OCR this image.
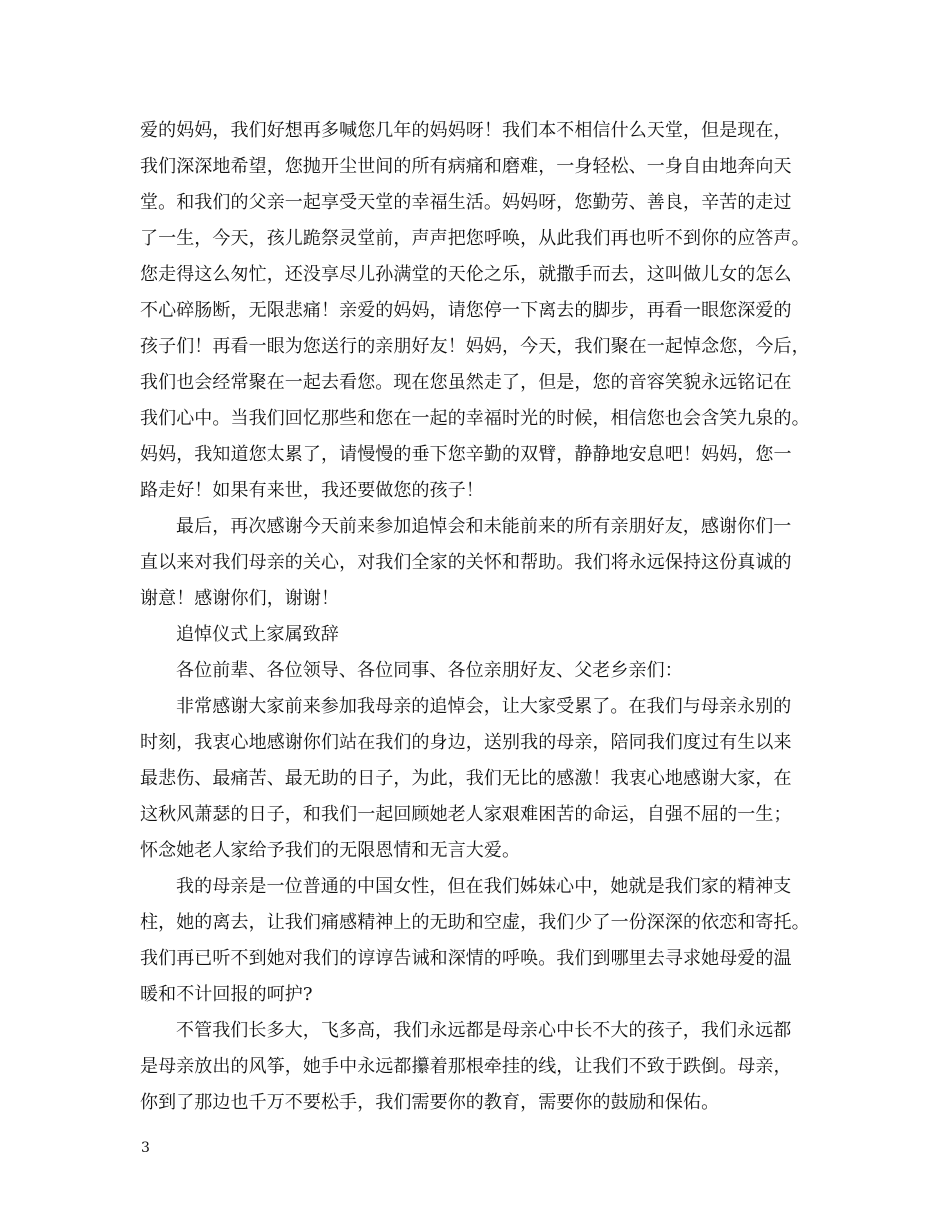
爱的妈妈，我们好想再多喊您几年的妈妈呀！我们本不相信什么天堂，但是现在，
我们深深地希望，您抛开尘世间的所有病痛和磨难，一身轻松、一身自由地奔向天
堂。和我们的父亲一起享受天堂的幸福生活。妈妈呀，您勤劳、善良，辛苦的走过
了一生，今天，孩儿跪祭灵堂前，声声把您呼唤，从此我们再也听不到你的应答声。
您走得这么匆忙，还没享尽儿孙满堂的天伦之乐，就撒手而去，这叫做儿女的怎么
不心碎肠断，无限悲痛！亲爱的妈妈，请您停一下离去的脚步，再看一眼您深爱的
孩子们！再看一眼为您送行的亲朋好友！妈妈，今天，我们聚在一起悼念您，今后，
我们也会经常聚在一起去看您。现在您虽然走了，但是，您的音容笑貌永远铭记在
我们心中。当我们回忆那些和您在一起的幸福时光的时候，相信您也会含笑九泉的。
妈妈，我知道您太累了，请慢慢的垂下您辛勤的双臂，静静地安息吧！妈妈，您一
路走好！如果有来世，我还要做您的孩子！
最后，再次感谢今天前来参加追悼会和未能前来的所有亲朋好友，感谢你们一
直以来对我们母亲的关心，对我们全家的关怀和帮助。我们将永远保持这份真诚的
谢意！感谢你们，谢谢！
追悼仪式上家属致辞
各位前辈、各位领导、各位同事、各位亲朋好友、父老乡亲们：
非常感谢大家前来参加我母亲的追悼会，让大家受累了。在我们与母亲永别的
时刻，我衷心地感谢你们站在我们的身边，送别我的母亲，陪同我们度过有生以来
最悲伤、最痛苦、最无助的日子，为此，我们无比的感激！我衷心地感谢大家，在
这秋风萧瑟的日子，和我们一起回顾她老人家艰难困苦的命运，自强不屈的一生；
怀念她老人家给予我们的无限恩情和无言大爱。
我的母亲是一位普通的中国女性，但在我们姊妹心中，她就是我们家的精神支
柱，她的离去，让我们痛感精神上的无助和空虚，我们少了一份深深的依恋和寄托。
我们再已听不到她对我们的谆谆告诫和深情的呼唤。我们到哪里去寻求她母爱的温
暖和不计回报的呵护?
不管我们长多大，飞多高，我们永远都是母亲心中长不大的孩子，我们永远都
是母亲放出的风筝，她手中永远都攥着那根牵挂的线，让我们不致于跌倒。母亲，
你到了那边也千万不要松手，我们需要你的教育，需要你的鼓励和保佑。
3
